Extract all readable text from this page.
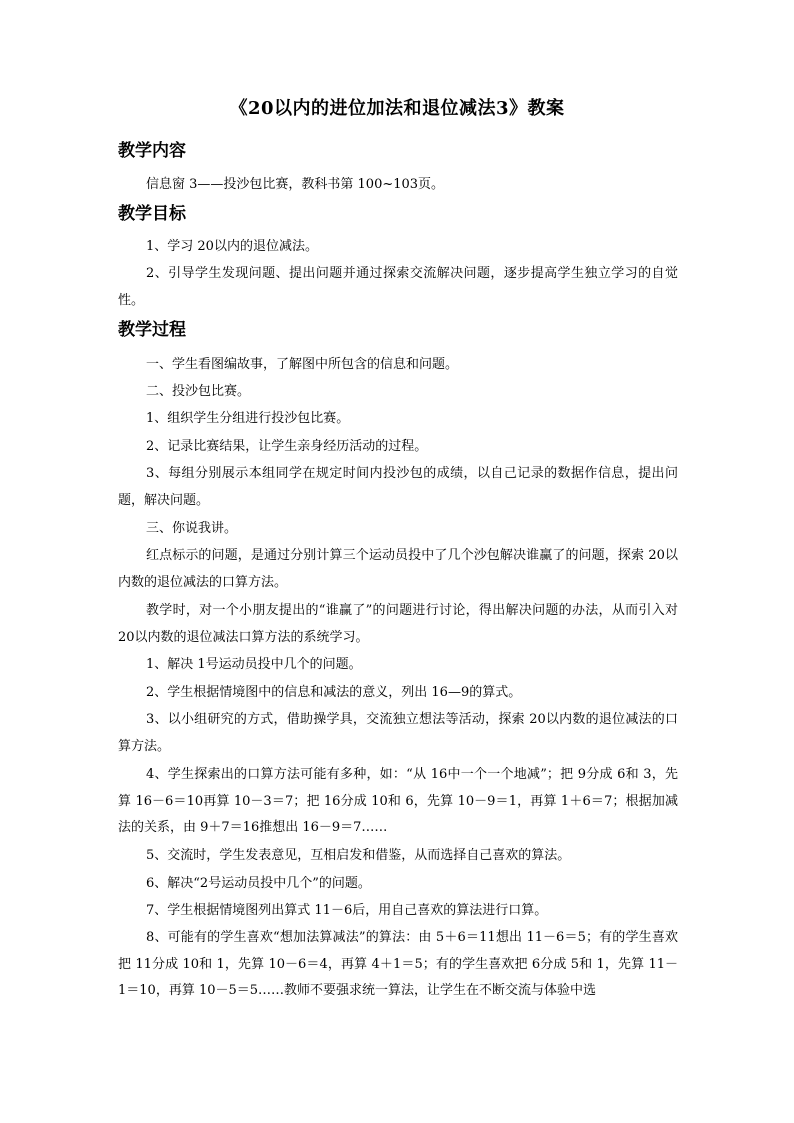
《20以内的进位加法和退位减法3》教案
教学内容
信息窗 3——投沙包比赛，教科书第 100~103页。
教学目标
1、学习 20以内的退位减法。
2、引导学生发现问题、提出问题并通过探索交流解决问题，逐步提高学生独立学习的自觉性。
教学过程
一、学生看图编故事，了解图中所包含的信息和问题。
二、投沙包比赛。
1、组织学生分组进行投沙包比赛。
2、记录比赛结果，让学生亲身经历活动的过程。
3、每组分别展示本组同学在规定时间内投沙包的成绩，以自己记录的数据作信息，提出问题，解决问题。
三、你说我讲。
红点标示的问题，是通过分别计算三个运动员投中了几个沙包解决谁赢了的问题，探索 20以内数的退位减法的口算方法。
教学时，对一个小朋友提出的“谁赢了”的问题进行讨论，得出解决问题的办法，从而引入对 20以内数的退位减法口算方法的系统学习。
1、解决 1号运动员投中几个的问题。
2、学生根据情境图中的信息和减法的意义，列出 16—9的算式。
3、以小组研究的方式，借助操学具，交流独立想法等活动，探索 20以内数的退位减法的口算方法。
4、学生探索出的口算方法可能有多种，如：“从 16中一个一个地减”；把 9分成 6和 3，先算 16－6＝10再算 10－3＝7；把 16分成 10和 6，先算 10－9＝1，再算 1＋6＝7；根据加减法的关系，由 9＋7＝16推想出 16－9＝7……
5、交流时，学生发表意见，互相启发和借鉴，从而选择自己喜欢的算法。
6、解决“2号运动员投中几个”的问题。
7、学生根据情境图列出算式 11－6后，用自己喜欢的算法进行口算。
8、可能有的学生喜欢“想加法算减法”的算法：由 5＋6＝11想出 11－6＝5；有的学生喜欢把 11分成 10和 1，先算 10－6＝4，再算 4＋1＝5；有的学生喜欢把 6分成 5和 1，先算 11－1＝10，再算 10－5＝5……教师不要强求统一算法，让学生在不断交流与体验中选
